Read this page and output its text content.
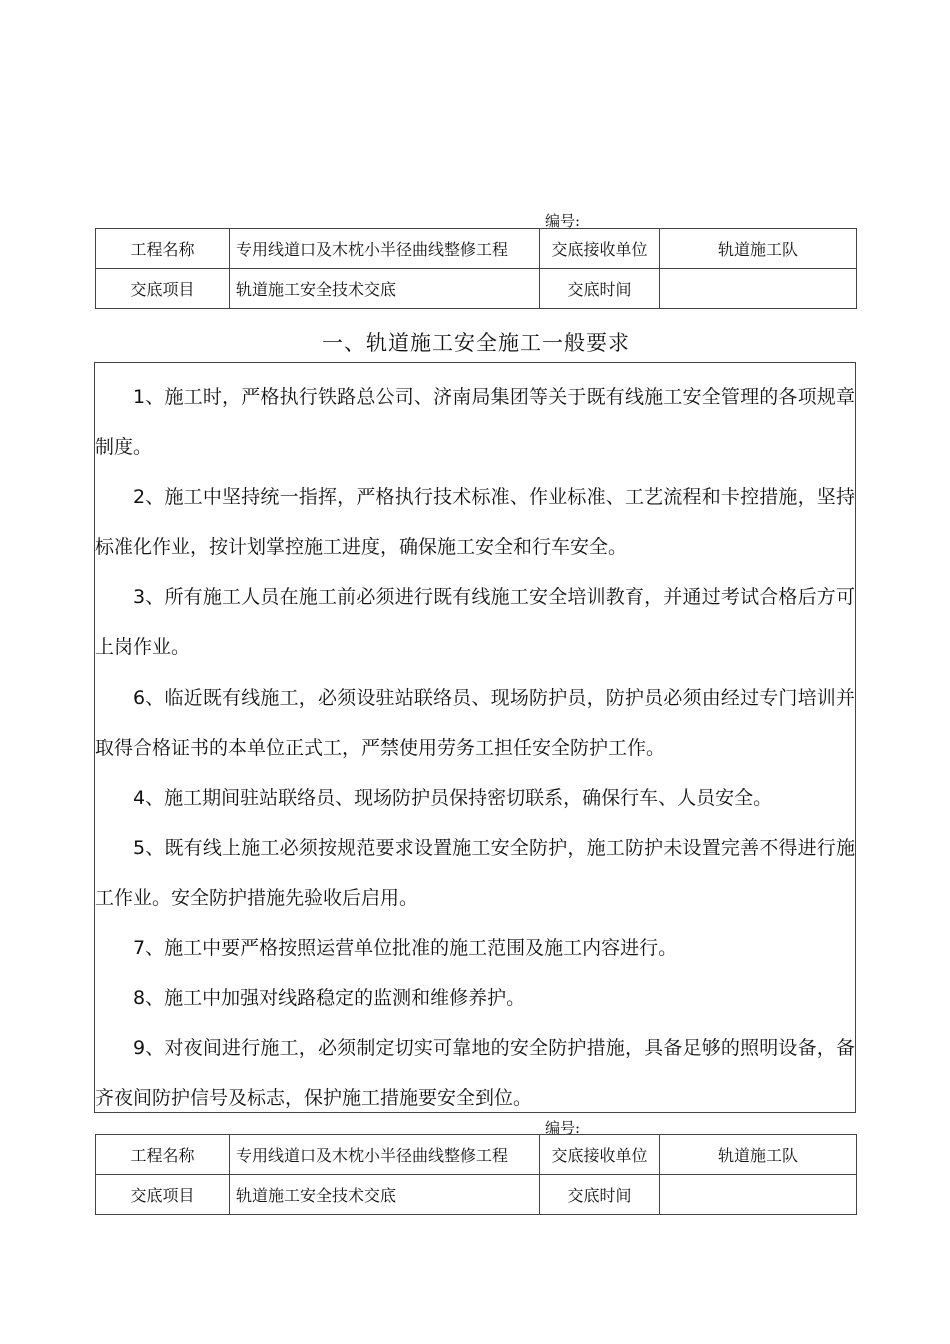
编号:
工程名称	专用线道口及木枕小半径曲线整修工程	交底接收单位	轨道施工队
交底项目	轨道施工安全技术交底	交底时间	
一、轨道施工安全施工一般要求

1、施工时，严格执行铁路总公司、济南局集团等关于既有线施工安全管理的各项规章制度。

2、施工中坚持统一指挥，严格执行技术标准、作业标准、工艺流程和卡控措施，坚持标准化作业，按计划掌控施工进度，确保施工安全和行车安全。

3、所有施工人员在施工前必须进行既有线施工安全培训教育，并通过考试合格后方可上岗作业。

6、临近既有线施工，必须设驻站联络员、现场防护员，防护员必须由经过专门培训并取得合格证书的本单位正式工，严禁使用劳务工担任安全防护工作。

4、施工期间驻站联络员、现场防护员保持密切联系，确保行车、人员安全。

5、既有线上施工必须按规范要求设置施工安全防护，施工防护未设置完善不得进行施工作业。安全防护措施先验收后启用。

7、施工中要严格按照运营单位批准的施工范围及施工内容进行。

8、施工中加强对线路稳定的监测和维修养护。

9、对夜间进行施工，必须制定切实可靠地的安全防护措施，具备足够的照明设备，备齐夜间防护信号及标志，保护施工措施要安全到位。

编号:
工程名称	专用线道口及木枕小半径曲线整修工程	交底接收单位	轨道施工队
交底项目	轨道施工安全技术交底	交底时间	
